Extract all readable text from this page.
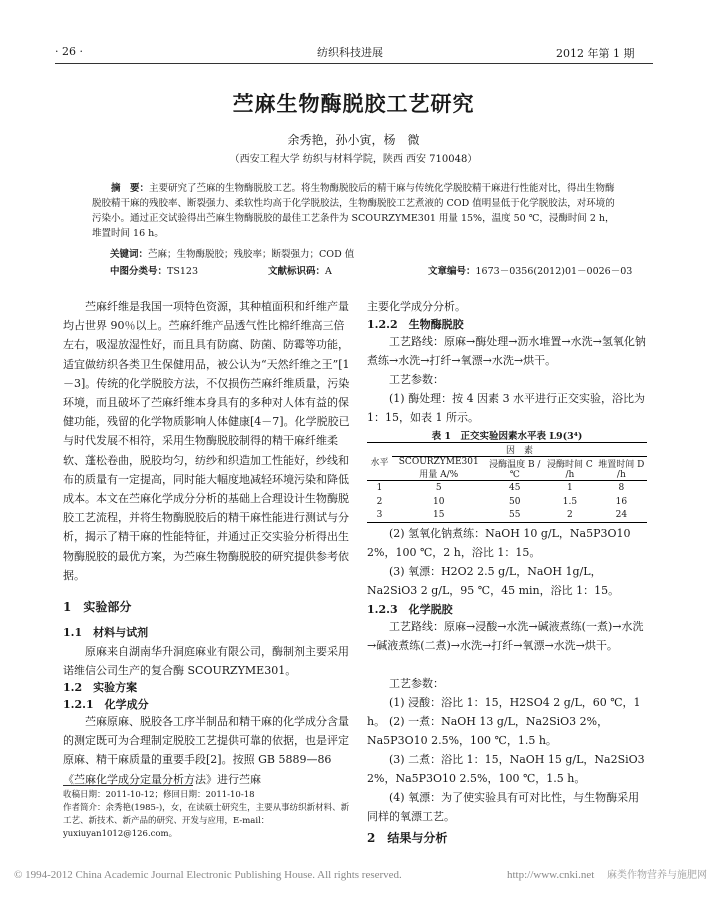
· 26 ·	纺织科技进展	2012 年第 1 期
苎麻生物酶脱胶工艺研究
余秀艳，孙小寅，杨　微
（西安工程大学 纺织与材料学院，陕西 西安 710048）
摘　要：主要研究了苎麻的生物酶脱胶工艺。将生物酶脱胶后的精干麻与传统化学脱胶精干麻进行性能对比，得出生物酶脱胶精干麻的残胶率、断裂强力、柔软性均高于化学脱胶法，生物酶脱胶工艺煮液的 COD 值明显低于化学脱胶法，对环境的污染小。通过正交试验得出苎麻生物酶脱胶的最佳工艺条件为 SCOURZYME301 用量 15%，温度 50 ℃，浸酶时间 2 h，堆置时间 16 h。
关键词：苎麻；生物酶脱胶；残胶率；断裂强力；COD 值
中图分类号：TS123	文献标识码：A	文章编号：1673－0356(2012)01－0026－03
苎麻纤维是我国一项特色资源，其种植面积和纤维产量均占世界 90％以上。苎麻纤维产品透气性比棉纤维高三倍左右，吸湿放湿性好，而且具有防腐、防菌、防霉等功能，适宜做纺织各类卫生保健用品，被公认为“天然纤维之王”[1－3]。传统的化学脱胶方法，不仅损伤苎麻纤维质量，污染环境，而且破坏了苎麻纤维本身具有的多种对人体有益的保健功能，残留的化学物质影响人体健康[4－7]。化学脱胶已与时代发展不相符，采用生物酶脱胶制得的精干麻纤维柔软、蓬松卷曲，脱胶均匀，纺纱和织造加工性能好，纱线和布的质量有一定提高，同时能大幅度地减轻环境污染和降低成本。本文在苎麻化学成分分析的基础上合理设计生物酶脱胶工艺流程，并将生物酶脱胶后的精干麻性能进行测试与分析，揭示了精干麻的性能特征，并通过正交实验分析得出生物酶脱胶的最优方案，为苎麻生物酶脱胶的研究提供参考依据。
1　实验部分
1.1　材料与试剂
原麻来自湖南华升洞庭麻业有限公司，酶制剂主要采用诺维信公司生产的复合酶 SCOURZYME301。
1.2　实验方案
1.2.1　化学成分
苎麻原麻、脱胶各工序半制品和精干麻的化学成分含量的测定既可为合理制定脱胶工艺提供可靠的依据，也是评定原麻、精干麻质量的重要手段[2]。按照 GB 5889—86《苎麻化学成分定量分析方法》进行苎麻
收稿日期：2011-10-12；修回日期：2011-10-18
作者简介：余秀艳(1985-)，女，在读硕士研究生，主要从事纺织新材料、新工艺、新技术、新产品的研究、开发与应用，E-mail：yuxiuyan1012@126.com。
主要化学成分分析。
1.2.2　生物酶脱胶
工艺路线：原麻→酶处理→沥水堆置→水洗→氢氧化钠煮练→水洗→打纤→氧漂→水洗→烘干。
工艺参数：
(1) 酶处理：按 4 因素 3 水平进行正交实验，浴比为 1：15，如表 1 所示。
表 1　正交实验因素水平表 L9(3⁴)
水平	因　素			
	SCOURZYME301 用量 A/%	浸酶温度 B /℃	浸酶时间 C /h	堆置时间 D /h
1	5	45	1	8
2	10	50	1.5	16
3	15	55	2	24
(2) 氢氧化钠煮练：NaOH 10 g/L，Na5P3O10 2%，100 ℃，2 h，浴比 1：15。
(3) 氧漂：H2O2 2.5 g/L，NaOH 1g/L，Na2SiO3 2 g/L，95 ℃，45 min，浴比 1：15。
1.2.3　化学脱胶
工艺路线：原麻→浸酸→水洗→碱液煮练(一煮)→水洗→碱液煮练(二煮)→水洗→打纤→氧漂→水洗→烘干。
工艺参数：
(1) 浸酸：浴比 1：15，H2SO4 2 g/L，60 ℃，1 h。 (2) 一煮：NaOH 13 g/L，Na2SiO3 2%，Na5P3O10 2.5%，100 ℃，1.5 h。
(3) 二煮：浴比 1：15，NaOH 15 g/L，Na2SiO3 2%，Na5P3O10 2.5%，100 ℃，1.5 h。
(4) 氧漂：为了使实验具有可对比性，与生物酶采用同样的氧漂工艺。
2　结果与分析
© 1994-2012 China Academic Journal Electronic Publishing House. All rights reserved.	http://www.cnki.net 麻类作物营养与施肥网
